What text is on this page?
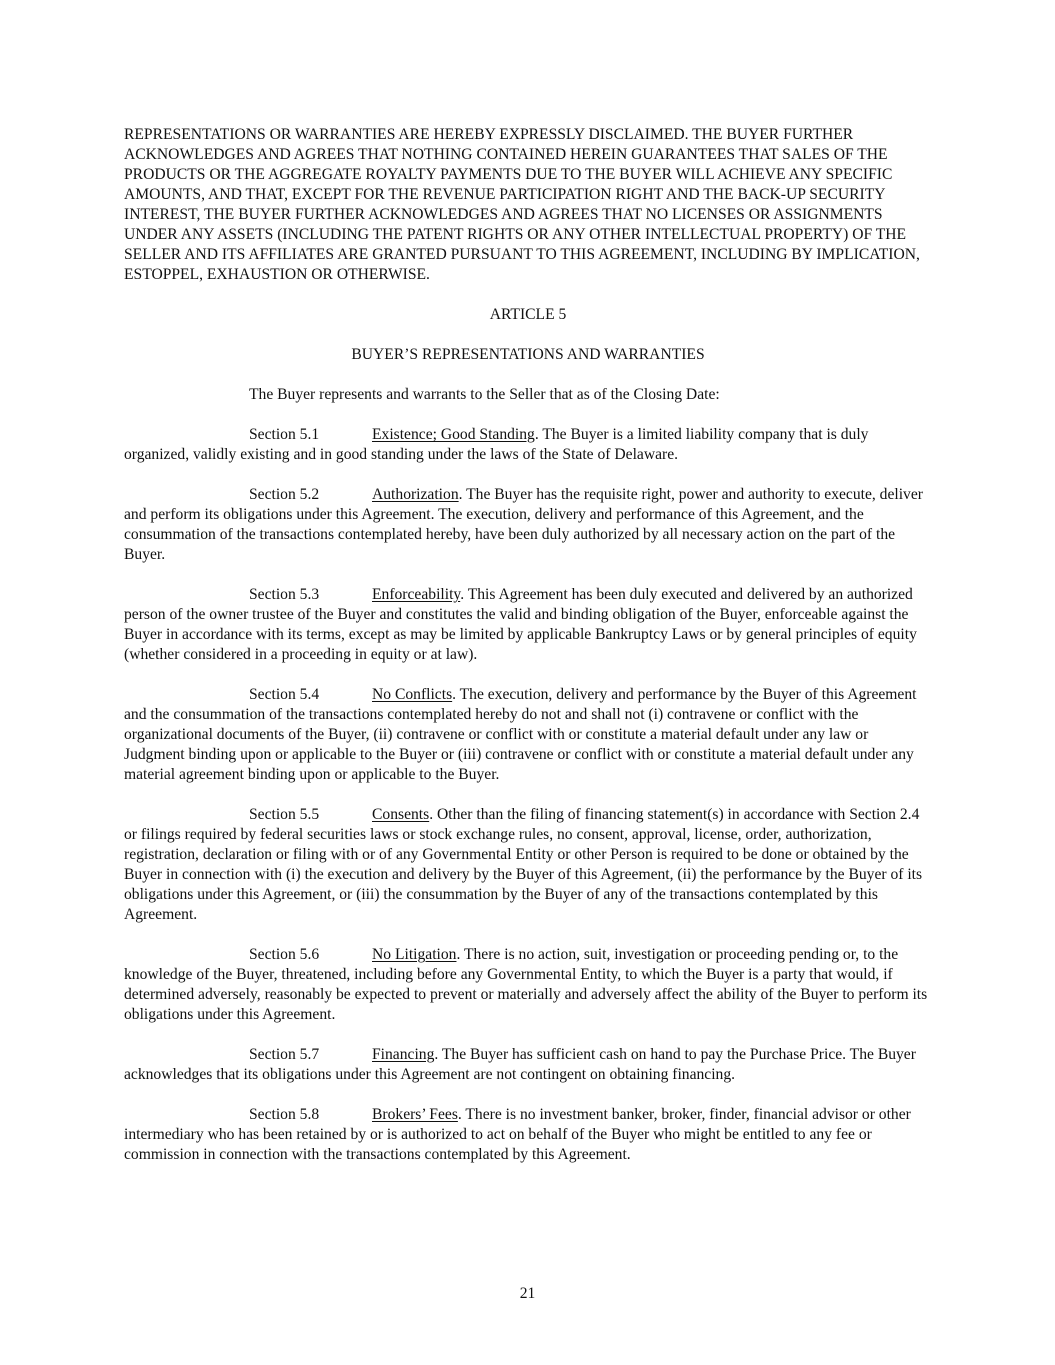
REPRESENTATIONS OR WARRANTIES ARE HEREBY EXPRESSLY DISCLAIMED. THE BUYER FURTHER ACKNOWLEDGES AND AGREES THAT NOTHING CONTAINED HEREIN GUARANTEES THAT SALES OF THE PRODUCTS OR THE AGGREGATE ROYALTY PAYMENTS DUE TO THE BUYER WILL ACHIEVE ANY SPECIFIC AMOUNTS, AND THAT, EXCEPT FOR THE REVENUE PARTICIPATION RIGHT AND THE BACK-UP SECURITY INTEREST, THE BUYER FURTHER ACKNOWLEDGES AND AGREES THAT NO LICENSES OR ASSIGNMENTS UNDER ANY ASSETS (INCLUDING THE PATENT RIGHTS OR ANY OTHER INTELLECTUAL PROPERTY) OF THE SELLER AND ITS AFFILIATES ARE GRANTED PURSUANT TO THIS AGREEMENT, INCLUDING BY IMPLICATION, ESTOPPEL, EXHAUSTION OR OTHERWISE.

ARTICLE 5

BUYER’S REPRESENTATIONS AND WARRANTIES

The Buyer represents and warrants to the Seller that as of the Closing Date:

Section 5.1	Existence; Good Standing. The Buyer is a limited liability company that is duly organized, validly existing and in good standing under the laws of the State of Delaware.

Section 5.2	Authorization. The Buyer has the requisite right, power and authority to execute, deliver and perform its obligations under this Agreement. The execution, delivery and performance of this Agreement, and the consummation of the transactions contemplated hereby, have been duly authorized by all necessary action on the part of the Buyer.

Section 5.3	Enforceability. This Agreement has been duly executed and delivered by an authorized person of the owner trustee of the Buyer and constitutes the valid and binding obligation of the Buyer, enforceable against the Buyer in accordance with its terms, except as may be limited by applicable Bankruptcy Laws or by general principles of equity (whether considered in a proceeding in equity or at law).

Section 5.4	No Conflicts. The execution, delivery and performance by the Buyer of this Agreement and the consummation of the transactions contemplated hereby do not and shall not (i) contravene or conflict with the organizational documents of the Buyer, (ii) contravene or conflict with or constitute a material default under any law or Judgment binding upon or applicable to the Buyer or (iii) contravene or conflict with or constitute a material default under any material agreement binding upon or applicable to the Buyer.

Section 5.5	Consents. Other than the filing of financing statement(s) in accordance with Section 2.4 or filings required by federal securities laws or stock exchange rules, no consent, approval, license, order, authorization, registration, declaration or filing with or of any Governmental Entity or other Person is required to be done or obtained by the Buyer in connection with (i) the execution and delivery by the Buyer of this Agreement, (ii) the performance by the Buyer of its obligations under this Agreement, or (iii) the consummation by the Buyer of any of the transactions contemplated by this Agreement.

Section 5.6	No Litigation. There is no action, suit, investigation or proceeding pending or, to the knowledge of the Buyer, threatened, including before any Governmental Entity, to which the Buyer is a party that would, if determined adversely, reasonably be expected to prevent or materially and adversely affect the ability of the Buyer to perform its obligations under this Agreement.

Section 5.7	Financing. The Buyer has sufficient cash on hand to pay the Purchase Price. The Buyer acknowledges that its obligations under this Agreement are not contingent on obtaining financing.

Section 5.8	Brokers’ Fees. There is no investment banker, broker, finder, financial advisor or other intermediary who has been retained by or is authorized to act on behalf of the Buyer who might be entitled to any fee or commission in connection with the transactions contemplated by this Agreement.

21
